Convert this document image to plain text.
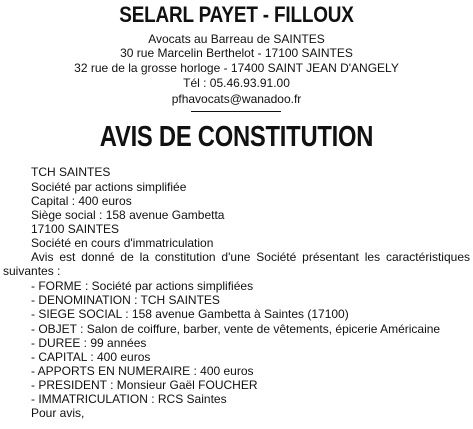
SELARL PAYET - FILLOUX
Avocats au Barreau de SAINTES
30 rue Marcelin Berthelot - 17100 SAINTES
32 rue de la grosse horloge - 17400 SAINT JEAN D'ANGELY
Tél : 05.46.93.91.00
pfhavocats@wanadoo.fr
AVIS DE CONSTITUTION
TCH SAINTES
Société par actions simplifiée
Capital : 400 euros
Siège social : 158 avenue Gambetta
17100 SAINTES
Société en cours d'immatriculation
Avis est donné de la constitution d'une Société présentant les caractéristiques suivantes :
- FORME : Société par actions simplifiées
- DENOMINATION : TCH SAINTES
- SIEGE SOCIAL : 158 avenue Gambetta à Saintes (17100)
- OBJET : Salon de coiffure, barber, vente de vêtements, épicerie Américaine
- DUREE : 99 années
- CAPITAL : 400 euros
- APPORTS EN NUMERAIRE : 400 euros
- PRESIDENT : Monsieur Gaël FOUCHER
- IMMATRICULATION : RCS Saintes
Pour avis,
